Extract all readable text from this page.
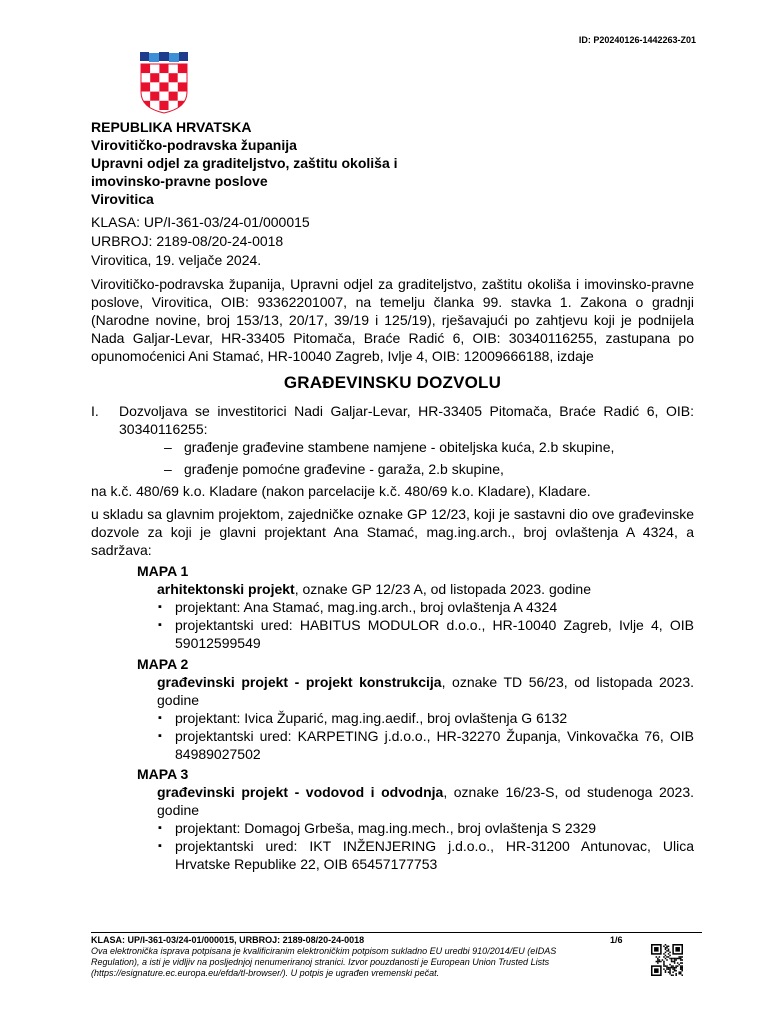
ID: P20240126-1442263-Z01
REPUBLIKA HRVATSKA
Virovitičko-podravska županija
Upravni odjel za graditeljstvo, zaštitu okoliša i
imovinsko-pravne poslove
Virovitica
KLASA: UP/I-361-03/24-01/000015
URBROJ: 2189-08/20-24-0018
Virovitica, 19. veljače 2024.
Virovitičko-podravska županija, Upravni odjel za graditeljstvo, zaštitu okoliša i imovinsko-pravne poslove, Virovitica, OIB: 93362201007, na temelju članka 99. stavka 1. Zakona o gradnji (Narodne novine, broj 153/13, 20/17, 39/19 i 125/19), rješavajući po zahtjevu koji je podnijela Nada Galjar-Levar, HR-33405 Pitomača, Braće Radić 6, OIB: 30340116255, zastupana po opunomoćenici Ani Stamać, HR-10040 Zagreb, Ivlje 4, OIB: 12009666188, izdaje
GRAĐEVINSKU DOZVOLU
I.	Dozvoljava se investitorici Nadi Galjar-Levar, HR-33405 Pitomača, Braće Radić 6, OIB: 30340116255:
– građenje građevine stambene namjene - obiteljska kuća, 2.b skupine,
– građenje pomoćne građevine - garaža, 2.b skupine,
na k.č. 480/69 k.o. Kladare (nakon parcelacije k.č. 480/69 k.o. Kladare), Kladare.
u skladu sa glavnim projektom, zajedničke oznake GP 12/23, koji je sastavni dio ove građevinske dozvole za koji je glavni projektant Ana Stamać, mag.ing.arch., broj ovlaštenja A 4324, a sadržava:
MAPA 1
arhitektonski projekt, oznake GP 12/23 A, od listopada 2023. godine
▪ projektant: Ana Stamać, mag.ing.arch., broj ovlaštenja A 4324
▪ projektantski ured: HABITUS MODULOR d.o.o., HR-10040 Zagreb, Ivlje 4, OIB 59012599549
MAPA 2
građevinski projekt - projekt konstrukcija, oznake TD 56/23, od listopada 2023. godine
▪ projektant: Ivica Župarić, mag.ing.aedif., broj ovlaštenja G 6132
▪ projektantski ured: KARPETING j.d.o.o., HR-32270 Županja, Vinkovačka 76, OIB 84989027502
MAPA 3
građevinski projekt - vodovod i odvodnja, oznake 16/23-S, od studenoga 2023. godine
▪ projektant: Domagoj Grbeša, mag.ing.mech., broj ovlaštenja S 2329
▪ projektantski ured: IKT INŽENJERING j.d.o.o., HR-31200 Antunovac, Ulica Hrvatske Republike 22, OIB 65457177753
KLASA: UP/I-361-03/24-01/000015, URBROJ: 2189-08/20-24-0018
Ova elektronička isprava potpisana je kvalificiranim elektroničkim potpisom sukladno EU uredbi 910/2014/EU (eIDAS Regulation), a isti je vidljiv na posljednjoj nenumeriranoj stranici. Izvor pouzdanosti je European Union Trusted Lists (https://esignature.ec.europa.eu/efda/tl-browser/). U potpis je ugrađen vremenski pečat.
1/6
